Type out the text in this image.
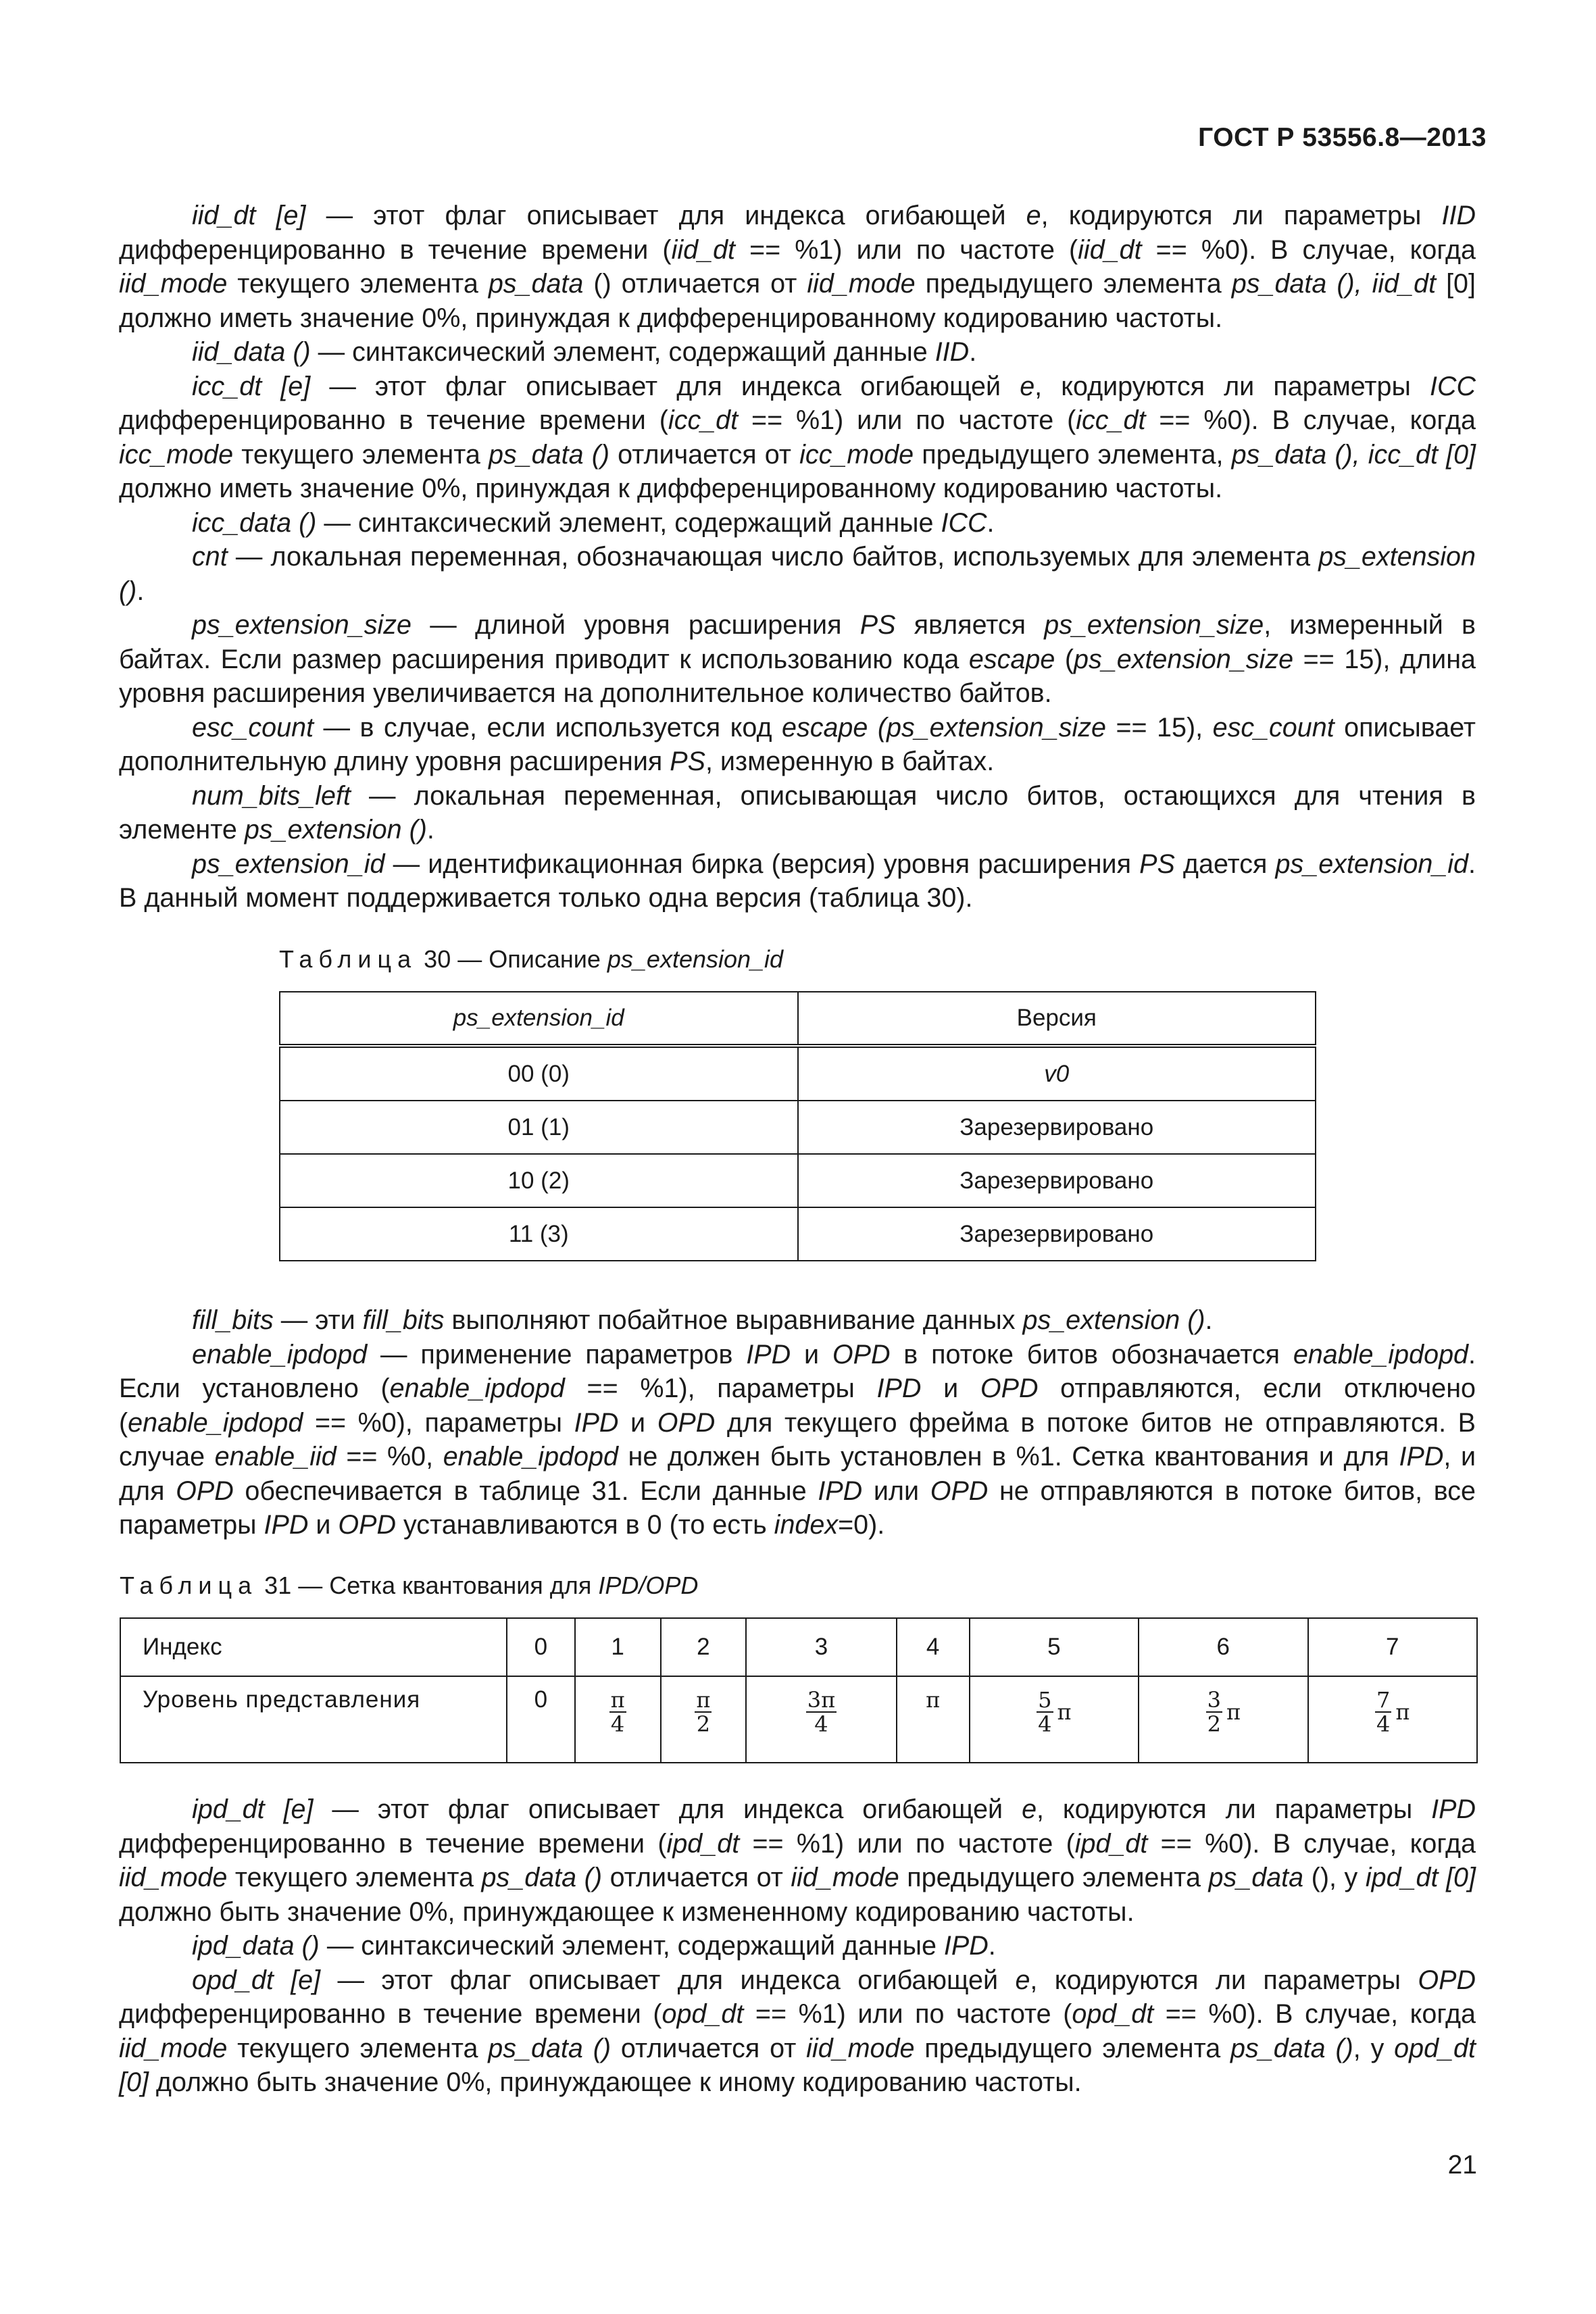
ГОСТ Р 53556.8—2013

iid_dt [e] — этот флаг описывает для индекса огибающей e, кодируются ли параметры IID дифференцированно в течение времени (iid_dt == %1) или по частоте (iid_dt == %0). В случае, когда iid_mode текущего элемента ps_data () отличается от iid_mode предыдущего элемента ps_data (), iid_dt [0] должно иметь значение 0%, принуждая к дифференцированному кодированию частоты.

iid_data () — синтаксический элемент, содержащий данные IID.

icc_dt [e] — этот флаг описывает для индекса огибающей e, кодируются ли параметры ICC дифференцированно в течение времени (icc_dt == %1) или по частоте (icc_dt == %0). В случае, когда icc_mode текущего элемента ps_data () отличается от icc_mode предыдущего элемента, ps_data (), icc_dt [0] должно иметь значение 0%, принуждая к дифференцированному кодированию частоты.

icc_data () — синтаксический элемент, содержащий данные ICC.

cnt — локальная переменная, обозначающая число байтов, используемых для элемента ps_extension ().

ps_extension_size — длиной уровня расширения PS является ps_extension_size, измеренный в байтах. Если размер расширения приводит к использованию кода escape (ps_extension_size == 15), длина уровня расширения увеличивается на дополнительное количество байтов.

esc_count — в случае, если используется код escape (ps_extension_size == 15), esc_count описывает дополнительную длину уровня расширения PS, измеренную в байтах.

num_bits_left — локальная переменная, описывающая число битов, остающихся для чтения в элементе ps_extension ().

ps_extension_id — идентификационная бирка (версия) уровня расширения PS дается ps_extension_id. В данный момент поддерживается только одна версия (таблица 30).

Таблица 30 — Описание ps_extension_id
ps_extension_id	Версия
00 (0)	v0
01 (1)	Зарезервировано
10 (2)	Зарезервировано
11 (3)	Зарезервировано

fill_bits — эти fill_bits выполняют побайтное выравнивание данных ps_extension ().

enable_ipdopd — применение параметров IPD и OPD в потоке битов обозначается enable_ipdopd. Если установлено (enable_ipdopd == %1), параметры IPD и OPD отправляются, если отключено (enable_ipdopd == %0), параметры IPD и OPD для текущего фрейма в потоке битов не отправляются. В случае enable_iid == %0, enable_ipdopd не должен быть установлен в %1. Сетка квантования и для IPD, и для OPD обеспечивается в таблице 31. Если данные IPD или OPD не отправляются в потоке битов, все параметры IPD и OPD устанавливаются в 0 (то есть index=0).

Таблица 31 — Сетка квантования для IPD/OPD
Индекс	0	1	2	3	4	5	6	7
Уровень представления	0	$\frac{\pi}{4}$	$\frac{\pi}{2}$	$\frac{3\pi}{4}$	π	$\frac{5}{4}$ π	$\frac{3}{2}$ π	$\frac{7}{4}$ π

ipd_dt [e] — этот флаг описывает для индекса огибающей e, кодируются ли параметры IPD дифференцированно в течение времени (ipd_dt == %1) или по частоте (ipd_dt == %0). В случае, когда iid_mode текущего элемента ps_data () отличается от iid_mode предыдущего элемента ps_data (), у ipd_dt [0] должно быть значение 0%, принуждающее к измененному кодированию частоты.

ipd_data () — синтаксический элемент, содержащий данные IPD.

opd_dt [e] — этот флаг описывает для индекса огибающей e, кодируются ли параметры OPD дифференцированно в течение времени (opd_dt == %1) или по частоте (opd_dt == %0). В случае, когда iid_mode текущего элемента ps_data () отличается от iid_mode предыдущего элемента ps_data (), у opd_dt [0] должно быть значение 0%, принуждающее к иному кодированию частоты.

21
